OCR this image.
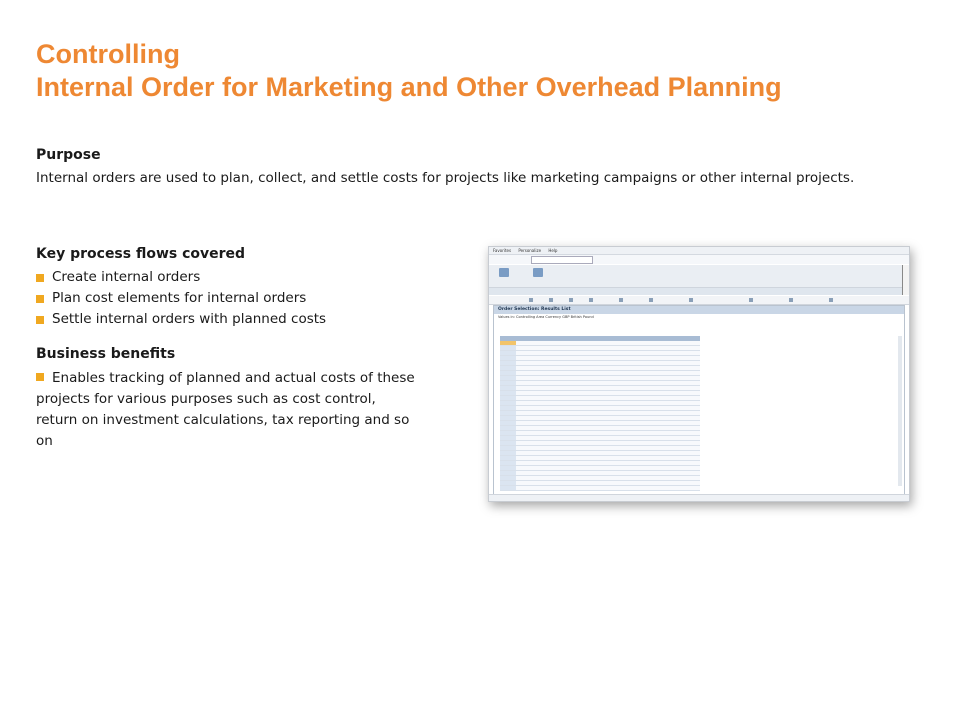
Controlling
Internal Order for Marketing and Other Overhead Planning
Purpose
Internal orders are used to plan, collect, and settle costs for projects like marketing campaigns or other internal projects.
Key process flows covered
Create internal orders
Plan cost elements for internal orders
Settle internal orders with planned costs
Business benefits
Enables tracking of planned and actual costs of these projects for various purposes such as cost control, return on investment calculations, tax reporting and so on
Favorites Personalize Help
Order Selection: Results List
Values in: Controlling Area Currency GBP British Pound
